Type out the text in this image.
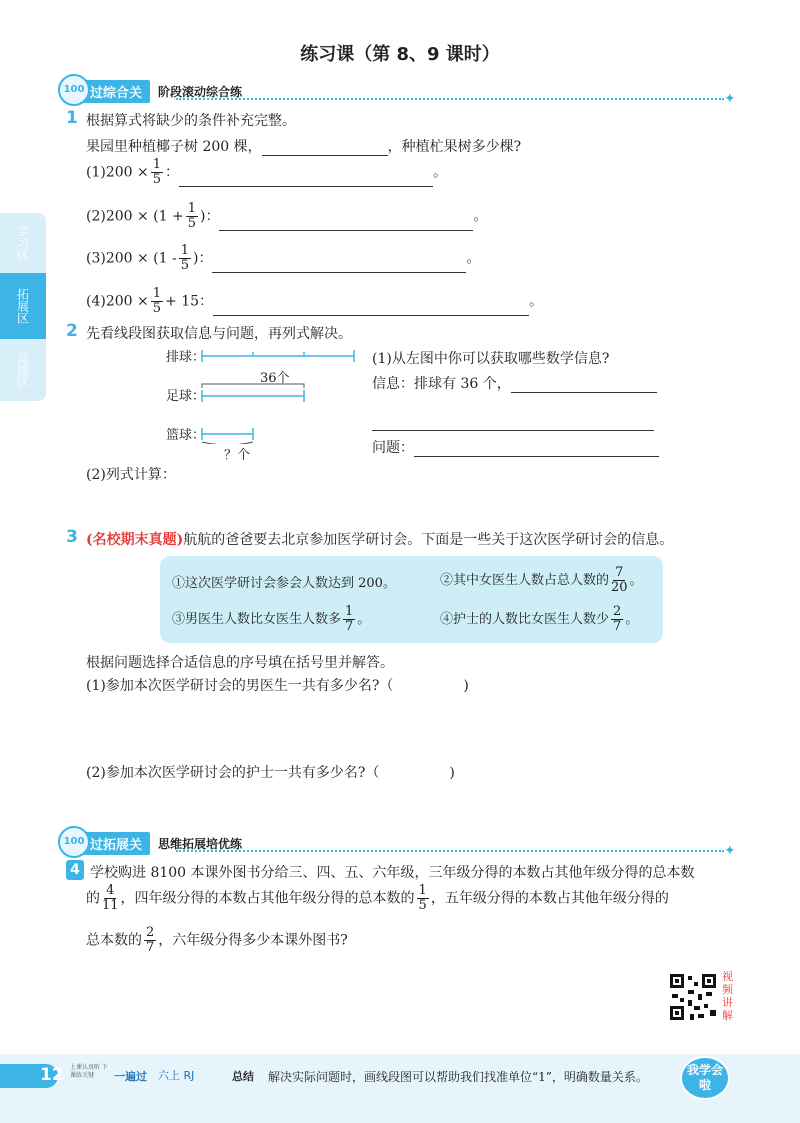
练习课（第 8、9 课时）
学习区
拓展区
反馈区
100 过综合关	阶段滚动综合练	✦
1 根据算式将缺少的条件补充完整。
果园里种植椰子树 200 棵，	，种植杧果树多少棵?
$(1)200 \times \frac{1}{5}$ ：	。
$(2)200 \times (1 + \frac{1}{5}$ )：	。
$(3)200 \times (1 - \frac{1}{5}$ )：	。
$(4)200 \times \frac{1}{5} + 15$：	。
2 先看线段图获取信息与问题，再列式解决。
排球：
足球：
篮球：
36个
？个
(1)从左图中你可以获取哪些数学信息?
信息：排球有 36 个，
问题：
(2)列式计算：
3 (名校期末真题)航航的爸爸要去北京参加医学研讨会。下面是一些关于这次医学研讨会的信息。
①这次医学研讨会参会人数达到 200。	②其中女医生人数占总人数的 $\frac{7}{20}$ 。
③男医生人数比女医生人数多 $\frac{1}{7}$ 。	④护士的人数比女医生人数少 $\frac{2}{7}$ 。
根据问题选择合适信息的序号填在括号里并解答。
(1)参加本次医学研讨会的男医生一共有多少名?（	)
(2)参加本次医学研讨会的护士一共有多少名?（	)
100 过拓展关	思维拓展培优练	✦
4 学校购进 8100 本课外图书分给三、四、五、六年级，三年级分得的本数占其他年级分得的总本数
的 $\frac{4}{11}$ ，四年级分得的本数占其他年级分得的总本数的 $\frac{1}{5}$ ，五年级分得的本数占其他年级分得的
总本数的 $\frac{2}{7}$ ，六年级分得多少本课外图书?
视频讲解
12 上课认真听 下课练关键	一遍过 六上 RJ	总结 解决实际问题时，画线段图可以帮助我们找准单位“1”，明确数量关系。	我学会啦
